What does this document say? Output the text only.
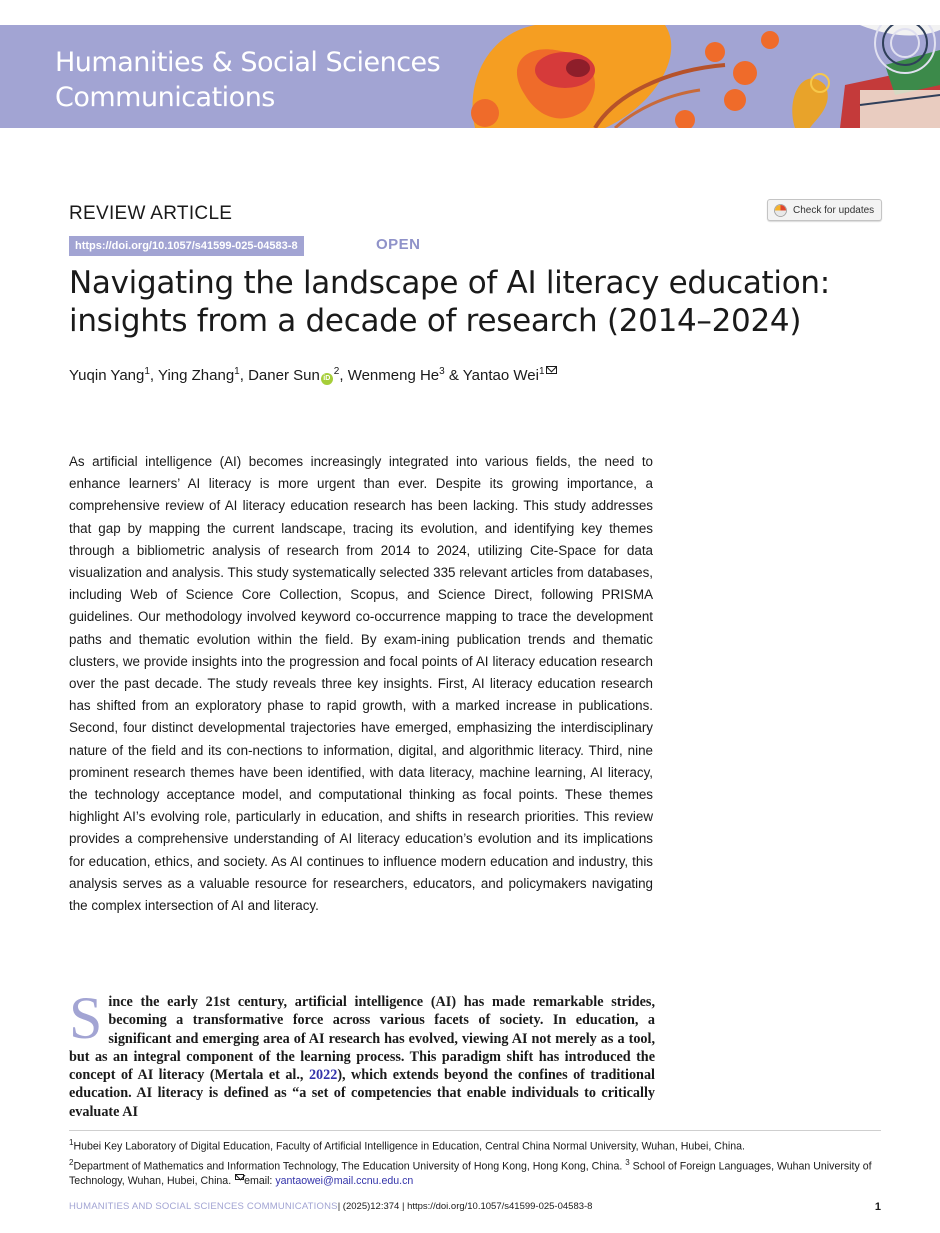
Humanities & Social Sciences
Communications
REVIEW ARTICLE	Check for updates
https://doi.org/10.1057/s41599-025-04583-8	OPEN
Navigating the landscape of AI literacy education:
insights from a decade of research (2014–2024)
Yuqin Yang$^1$, Ying Zhang$^1$, Daner Sun $iD^2$, Wenmeng He$^3$ & Yantao Wei$^1$

As artificial intelligence (AI) becomes increasingly integrated into various fields, the need to enhance learners’ AI literacy is more urgent than ever. Despite its growing importance, a comprehensive review of AI literacy education research has been lacking. This study addresses that gap by mapping the current landscape, tracing its evolution, and identifying key themes through a bibliometric analysis of research from 2014 to 2024, utilizing Cite-Space for data visualization and analysis. This study systematically selected 335 relevant articles from databases, including Web of Science Core Collection, Scopus, and Science Direct, following PRISMA guidelines. Our methodology involved keyword co-occurrence mapping to trace the development paths and thematic evolution within the field. By exam-ining publication trends and thematic clusters, we provide insights into the progression and focal points of AI literacy education research over the past decade. The study reveals three key insights. First, AI literacy education research has shifted from an exploratory phase to rapid growth, with a marked increase in publications. Second, four distinct developmental trajectories have emerged, emphasizing the interdisciplinary nature of the field and its con-nections to information, digital, and algorithmic literacy. Third, nine prominent research themes have been identified, with data literacy, machine learning, AI literacy, the technology acceptance model, and computational thinking as focal points. These themes highlight AI’s evolving role, particularly in education, and shifts in research priorities. This review provides a comprehensive understanding of AI literacy education’s evolution and its implications for education, ethics, and society. As AI continues to influence modern education and industry, this analysis serves as a valuable resource for researchers, educators, and policymakers navigating the complex intersection of AI and literacy.

Since the early 21st century, artificial intelligence (AI) has made remarkable strides, becoming a transformative force across various facets of society. In education, a significant and emerging area of AI research has evolved, viewing AI not merely as a tool, but as an integral component of the learning process. This paradigm shift has introduced the concept of AI literacy (Mertala et al., 2022), which extends beyond the confines of traditional education. AI literacy is defined as “a set of competencies that enable individuals to critically evaluate AI
$^1$Hubei Key Laboratory of Digital Education, Faculty of Artificial Intelligence in Education, Central China Normal University, Wuhan, Hubei, China.
$^2$Department of Mathematics and Information Technology, The Education University of Hong Kong, Hong Kong, China. $^3$ School of Foreign Languages, Wuhan University of Technology, Wuhan, Hubei, China. email: yantaowei@mail.ccnu.edu.cn
HUMANITIES AND SOCIAL SCIENCES COMMUNICATIONS| (2025)12:374 | https://doi.org/10.1057/s41599-025-04583-8	1
